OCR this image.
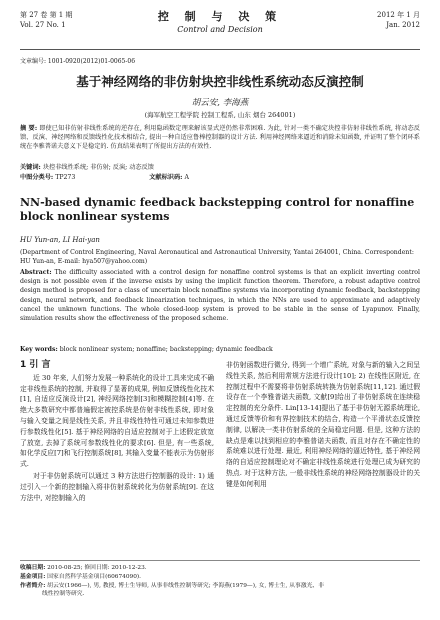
第 27 卷 第 1 期
Vol. 27 No. 1
控 制 与 决 策
Control and Decision
2012 年 1 月
Jan. 2012
文章编号: 1001-0920(2012)01-0065-06
基于神经网络的非仿射块控非线性系统动态反演控制
胡云安, 李海燕
(海军航空工程学院 控制工程系, 山东 烟台 264001)
摘 要: 即使已知非仿射非线性系统的逆存在, 利用隐函数定理来解该显式逆仍然非常困难. 为此, 针对一类不确定块控非仿射非线性系统, 将动态反馈、反演、神经网络和反馈线性化技术相结合, 提出一种自适应鲁棒控制器的设计方法. 利用神经网络来逼近和消除未知函数, 并证明了整个闭环系统在李雅普诺夫意义下是稳定的. 仿真结果表明了所提出方法的有效性.
关键词: 块控非线性系统; 非仿射; 反演; 动态反馈
中图分类号: TP273	文献标识码: A
NN-based dynamic feedback backstepping control for nonaffine block nonlinear systems
HU Yun-an, LI Hai-yan
(Department of Control Engineering, Naval Aeronautical and Astronautical University, Yantai 264001, China. Correspondent: HU Yun-an, E-mail: hya507@yahoo.com)
Abstract: The difficulty associated with a control design for nonaffine control systems is that an explicit inverting control design is not possible even if the inverse exists by using the implicit function theorem. Therefore, a robust adaptive control design method is proposed for a class of uncertain block nonaffine systems via incorporating dynamic feedback, backstepping design, neural network, and feedback linearization techniques, in which the NNs are used to approximate and adaptively cancel the unknown functions. The whole closed-loop system is proved to be stable in the sense of Lyapunov. Finally, simulation results show the effectiveness of the proposed scheme.
Key words: block nonlinear system; nonaffine; backstepping; dynamic feedback
1 引 言

近 30 年来, 人们努力发展一种系统化的设计工具来完成不确定非线性系统的控制, 并取得了显著的成果, 例如反馈线性化技术[1], 自适应反演设计[2], 神经网络控制[3]和模糊控制[4]等. 在绝大多数研究中都普遍假定被控系统是仿射非线性系统, 即对象与输入变量之间是线性关系, 并且非线性特性可通过未知参数进行参数线性化[5]. 基于神经网络的自适应控制对于上述假定放宽了放宽, 去掉了系统可参数线性化的要求[6]. 但是, 有一些系统, 如化学反应[7]和飞行控制系统[8], 其输入变量不能表示为仿射形式.

对于非仿射系统可以通过 3 种方法进行控制器的设计: 1) 通过引入一个新的控制输入将非仿射系统转化为仿射系统[9]. 在这方法中, 对控制输入的

非仿射函数进行微分, 得到一个增广系统, 对象与新的输入之间呈线性关系, 然后利用常规方法进行设计[10]; 2) 在线性区附近, 在控制过程中不需要将非仿射系统转换为仿射系统[11,12]. 通过假设存在一个李雅普诺夫函数, 文献[9]给出了非仿射系统在连续稳定控制的充分条件. Lin[13-14]提出了基于非仿射无源系统理论, 通过反馈等价和有界控制技术的结合, 构造一个平滑状态反馈控制律, 以解决一类非仿射系统的全局稳定问题. 但是, 这种方法的缺点是难以找到相应的李雅普诺夫函数, 而且对存在不确定性的系统难以进行处理. 最近, 利用神经网络的逼近特性, 基于神经网络的自适应控制理论对不确定非线性系统进行处理已成为研究的热点. 对于这种方法, 一般非线性系统的神经网络控制器设计的关键是如何利用

收稿日期: 2010-08-25; 修回日期: 2010-12-23.
基金项目: 国家自然科学基金项目(60674090).
作者简介: 胡云安(1966—), 男, 教授, 博士生导师, 从事非线性控制等研究; 李海燕(1979—), 女, 博士生, 从事激光、非
线性控制等研究.
